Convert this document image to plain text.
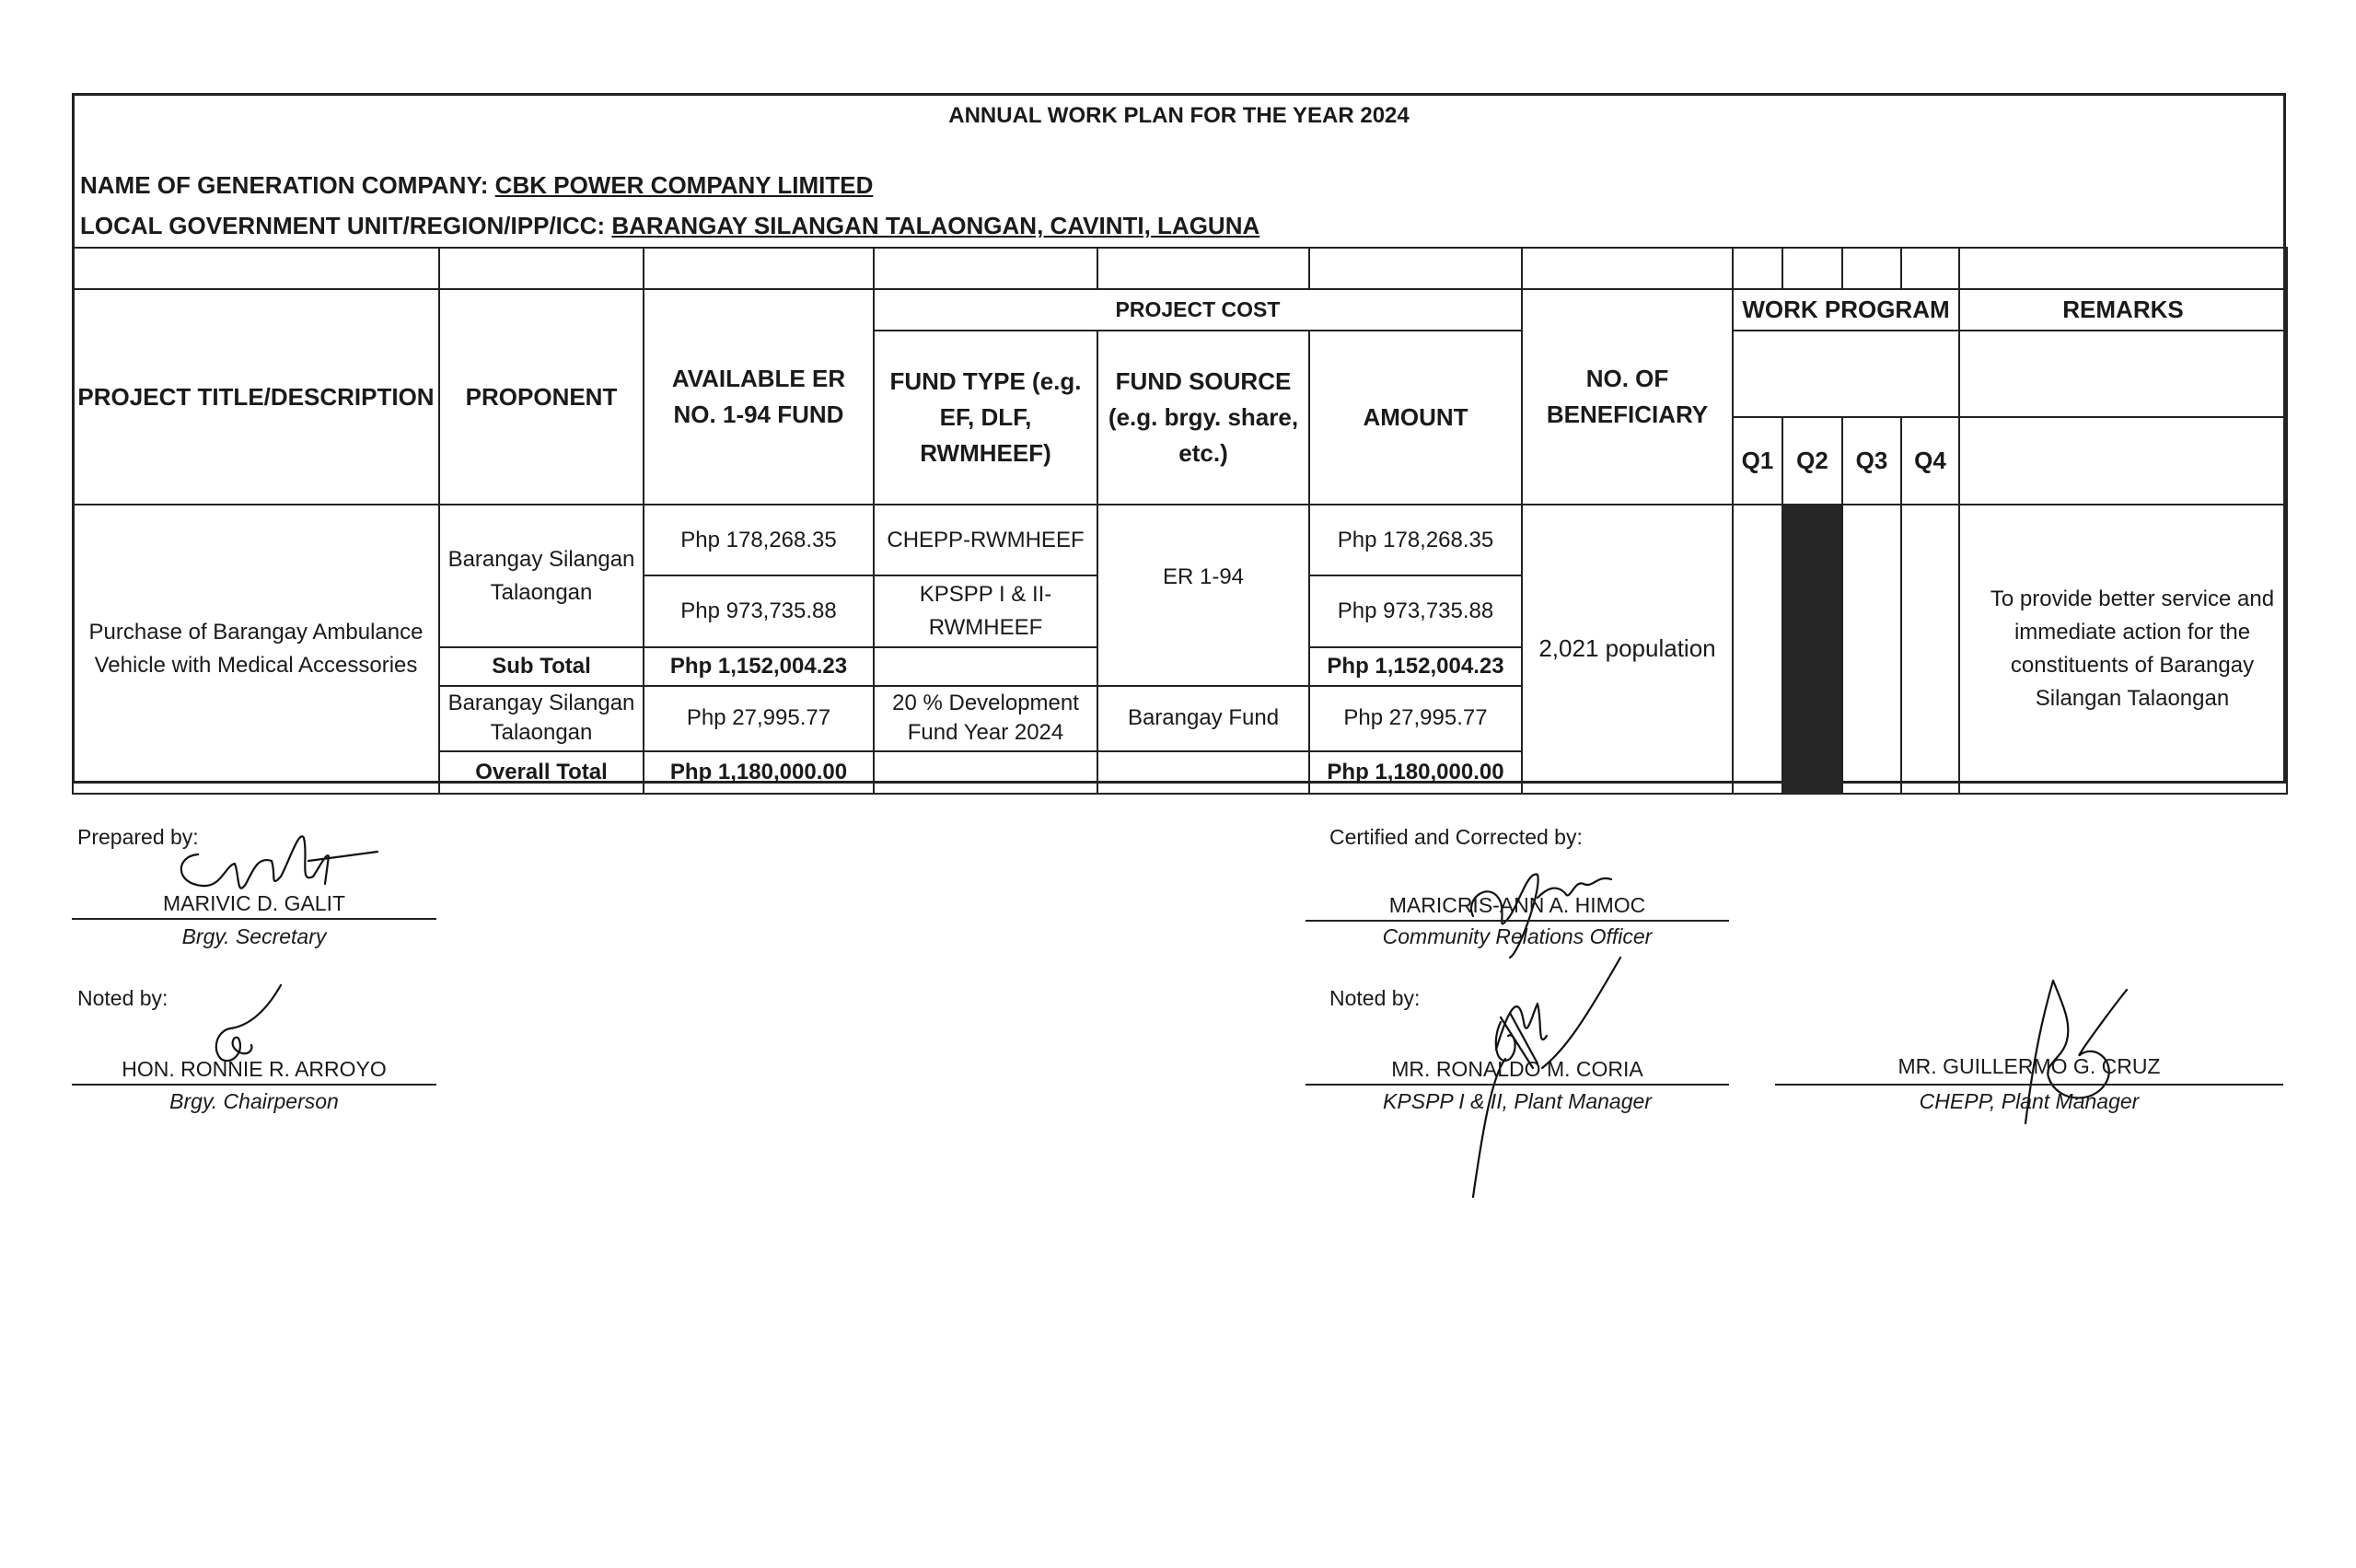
ANNUAL WORK PLAN FOR THE YEAR 2024
NAME OF GENERATION COMPANY: CBK POWER COMPANY LIMITED
LOCAL GOVERNMENT UNIT/REGION/IPP/ICC: BARANGAY SILANGAN TALAONGAN, CAVINTI, LAGUNA

PROJECT TITLE/DESCRIPTION	PROPONENT	AVAILABLE ER NO. 1-94 FUND	PROJECT COST			NO. OF BENEFICIARY	WORK PROGRAM				REMARKS
			FUND TYPE (e.g. EF, DLF, RWMHEEF)	FUND SOURCE (e.g. brgy. share, etc.)	AMOUNT						
							Q1	Q2	Q3	Q4	
Purchase of Barangay Ambulance Vehicle with Medical Accessories	Barangay Silangan Talaongan	Php 178,268.35	CHEPP-RWMHEEF	ER 1-94	Php 178,268.35	2,021 population					To provide better service and immediate action for the constituents of Barangay Silangan Talaongan
		Php 973,735.88	KPSPP I & II-RWMHEEF		Php 973,735.88						
	Sub Total	Php 1,152,004.23			Php 1,152,004.23						
	Barangay Silangan Talaongan	Php 27,995.77	20 % Development Fund Year 2024	Barangay Fund	Php 27,995.77						
	Overall Total	Php 1,180,000.00			Php 1,180,000.00						
Prepared by:
MARIVIC D. GALIT
Brgy. Secretary
Certified and Corrected by:
MARICRIS-ANN A. HIMOC
Community Relations Officer
Noted by:
HON. RONNIE R. ARROYO
Brgy. Chairperson
Noted by:
MR. RONALDO M. CORIA
KPSPP I & II, Plant Manager
MR. GUILLERMO G. CRUZ
CHEPP, Plant Manager
